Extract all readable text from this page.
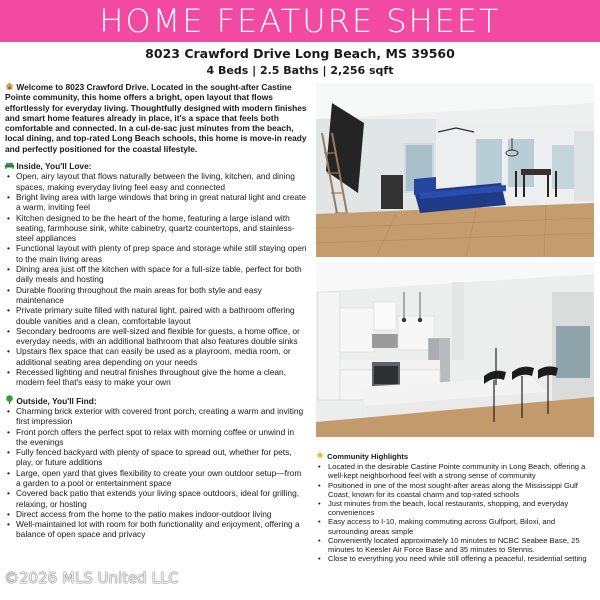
HOME FEATURE SHEET
8023 Crawford Drive Long Beach, MS 39560
4 Beds | 2.5 Baths | 2,256 sqft
Welcome to 8023 Crawford Drive. Located in the sought-after Castine Pointe community, this home offers a bright, open layout that flows effortlessly for everyday living. Thoughtfully designed with modern finishes and smart home features already in place, it's a space that feels both comfortable and connected. In a cul-de-sac just minutes from the beach, local dining, and top-rated Long Beach schools, this home is move-in ready and perfectly positioned for the coastal lifestyle.
Inside, You'll Love:
• Open, airy layout that flows naturally between the living, kitchen, and dining spaces, making everyday living feel easy and connected
• Bright living area with large windows that bring in great natural light and create a warm, inviting feel
• Kitchen designed to be the heart of the home, featuring a large island with seating, farmhouse sink, white cabinetry, quartz countertops, and stainless-steel appliances
• Functional layout with plenty of prep space and storage while still staying open to the main living areas
• Dining area just off the kitchen with space for a full-size table, perfect for both daily meals and hosting
• Durable flooring throughout the main areas for both style and easy maintenance
• Private primary suite filled with natural light, paired with a bathroom offering double vanities and a clean, comfortable layout
• Secondary bedrooms are well-sized and flexible for guests, a home office, or everyday needs, with an additional bathroom that also features double sinks
• Upstairs flex space that can easily be used as a playroom, media room, or additional seating area depending on your needs
• Recessed lighting and neutral finishes throughout give the home a clean, modern feel that's easy to make your own
Outside, You'll Find:
• Charming brick exterior with covered front porch, creating a warm and inviting first impression
• Front porch offers the perfect spot to relax with morning coffee or unwind in the evenings
• Fully fenced backyard with plenty of space to spread out, whether for pets, play, or future additions
• Large, open yard that gives flexibility to create your own outdoor setup—from a garden to a pool or entertainment space
• Covered back patio that extends your living space outdoors, ideal for grilling, relaxing, or hosting
• Direct access from the home to the patio makes indoor-outdoor living
• Well-maintained lot with room for both functionality and enjoyment, offering a balance of open space and privacy
Community Highlights
• Located in the desirable Castine Pointe community in Long Beach, offering a well-kept neighborhood feel with a strong sense of community
• Positioned in one of the most sought-after areas along the Mississippi Gulf Coast, known for its coastal charm and top-rated schools
• Just minutes from the beach, local restaurants, shopping, and everyday conveniences
• Easy access to I-10, making commuting across Gulfport, Biloxi, and surrounding areas simple
• Conveniently located approximately 10 minutes to NCBC Seabee Base, 25 minutes to Keesler Air Force Base and 35 minutes to Stennis.
• Close to everything you need while still offering a peaceful, residential setting
©2026 MLS United LLC
